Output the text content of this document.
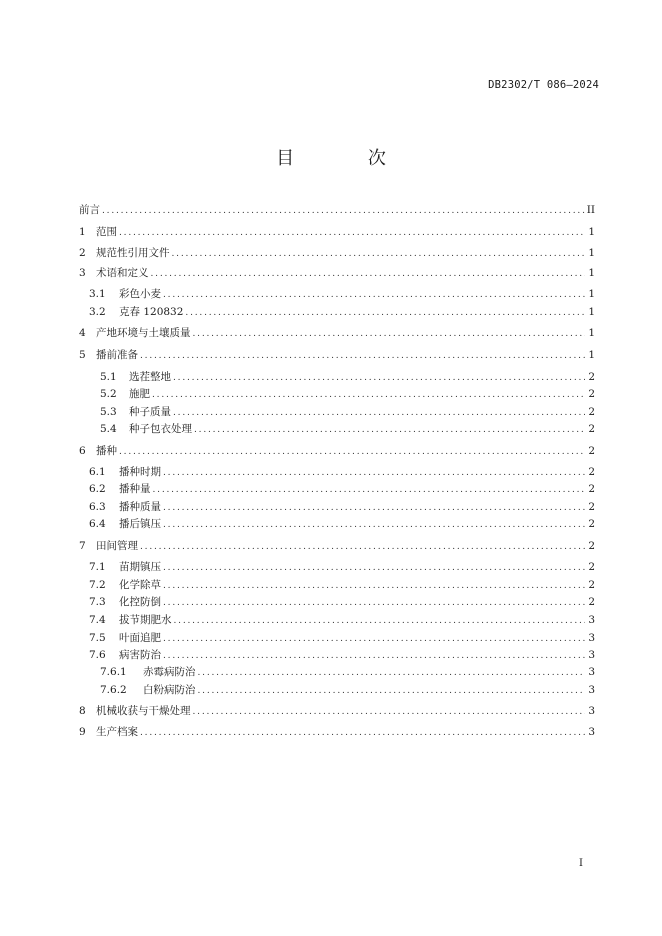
DB2302/T 086—2024
目 次
前言 .....	II
1 范围 .....	1
2 规范性引用文件 .....	1
3 术语和定义 .....	1
3.1	彩色小麦 .....	1
3.2	克春 120832 .....	1
4 产地环境与土壤质量 .....	1
5 播前准备 .....	1
5.1	选茬整地 .....	2
5.2	施肥 .....	2
5.3	种子质量 .....	2
5.4	种子包衣处理 .....	2
6 播种 .....	2
6.1	播种时期 .....	2
6.2	播种量 .....	2
6.3	播种质量 .....	2
6.4	播后镇压 .....	2
7 田间管理 .....	2
7.1	苗期镇压 .....	2
7.2	化学除草 .....	2
7.3	化控防倒 .....	2
7.4	拔节期肥水 .....	3
7.5	叶面追肥 .....	3
7.6	病害防治 .....	3
7.6.1	赤霉病防治 .....	3
7.6.2	白粉病防治 .....	3
8 机械收获与干燥处理 .....	3
9 生产档案 .....	3
I
